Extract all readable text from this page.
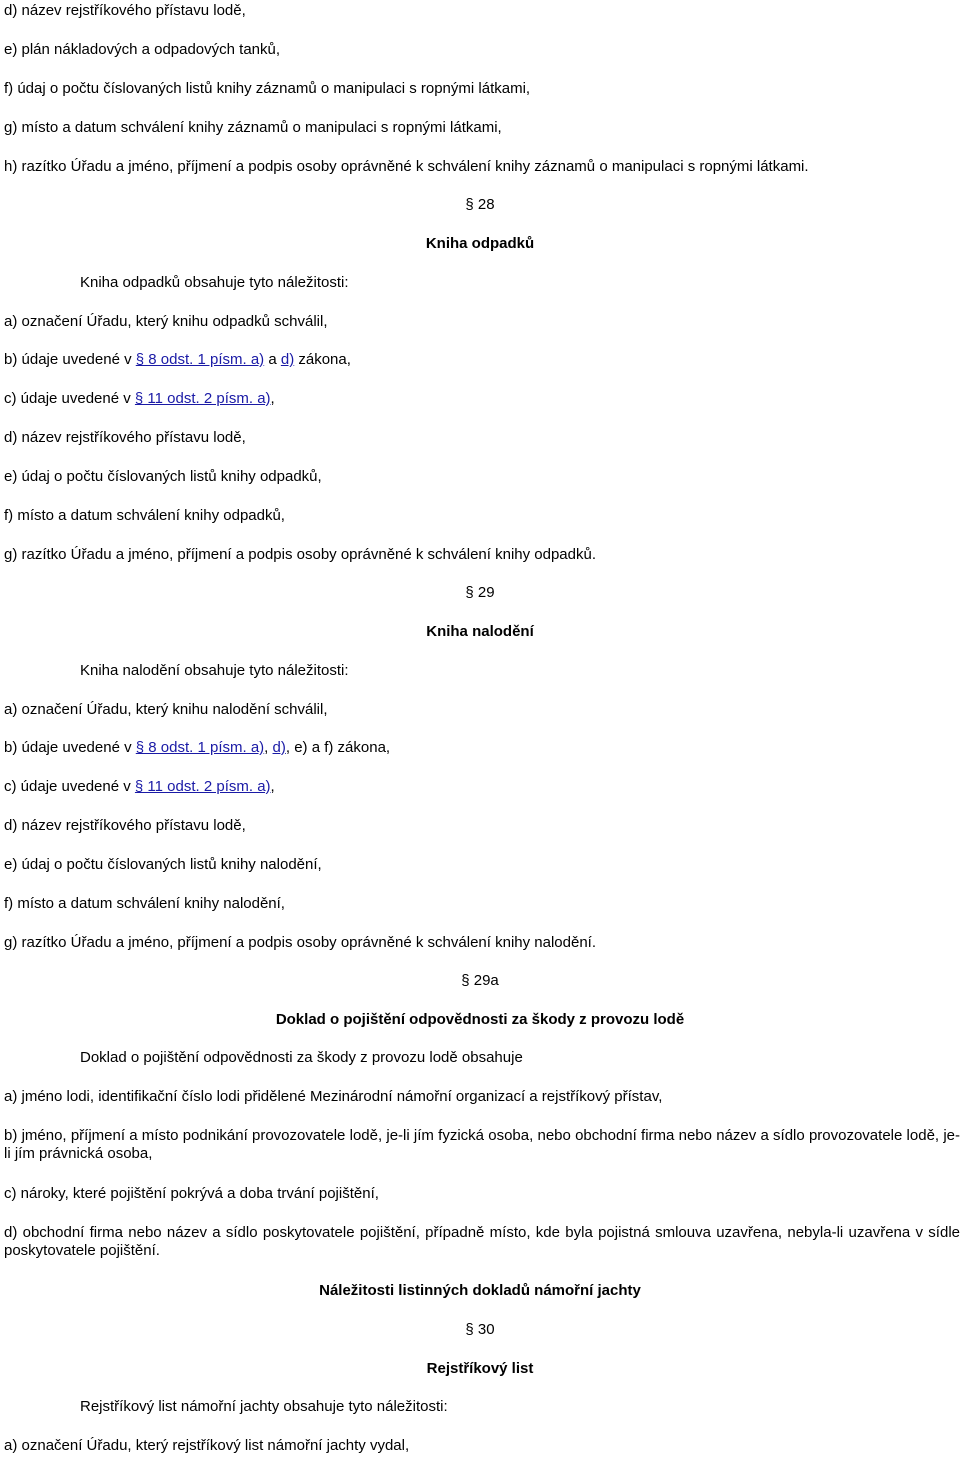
d) název rejstříkového přístavu lodě,
e) plán nákladových a odpadových tanků,
f) údaj o počtu číslovaných listů knihy záznamů o manipulaci s ropnými látkami,
g) místo a datum schválení knihy záznamů o manipulaci s ropnými látkami,
h) razítko Úřadu a jméno, příjmení a podpis osoby oprávněné k schválení knihy záznamů o manipulaci s ropnými látkami.
§ 28
Kniha odpadků
Kniha odpadků obsahuje tyto náležitosti:
a) označení Úřadu, který knihu odpadků schválil,
b) údaje uvedené v § 8 odst. 1 písm. a) a d) zákona,
c) údaje uvedené v § 11 odst. 2 písm. a),
d) název rejstříkového přístavu lodě,
e) údaj o počtu číslovaných listů knihy odpadků,
f) místo a datum schválení knihy odpadků,
g) razítko Úřadu a jméno, příjmení a podpis osoby oprávněné k schválení knihy odpadků.
§ 29
Kniha nalodění
Kniha nalodění obsahuje tyto náležitosti:
a) označení Úřadu, který knihu nalodění schválil,
b) údaje uvedené v § 8 odst. 1 písm. a), d), e) a f) zákona,
c) údaje uvedené v § 11 odst. 2 písm. a),
d) název rejstříkového přístavu lodě,
e) údaj o počtu číslovaných listů knihy nalodění,
f) místo a datum schválení knihy nalodění,
g) razítko Úřadu a jméno, příjmení a podpis osoby oprávněné k schválení knihy nalodění.
§ 29a
Doklad o pojištění odpovědnosti za škody z provozu lodě
Doklad o pojištění odpovědnosti za škody z provozu lodě obsahuje
a) jméno lodi, identifikační číslo lodi přidělené Mezinárodní námořní organizací a rejstříkový přístav,
b) jméno, příjmení a místo podnikání provozovatele lodě, je-li jím fyzická osoba, nebo obchodní firma nebo název a sídlo provozovatele lodě, je-li jím právnická osoba,
c) nároky, které pojištění pokrývá a doba trvání pojištění,
d) obchodní firma nebo název a sídlo poskytovatele pojištění, případně místo, kde byla pojistná smlouva uzavřena, nebyla-li uzavřena v sídle poskytovatele pojištění.
Náležitosti listinných dokladů námořní jachty
§ 30
Rejstříkový list
Rejstříkový list námořní jachty obsahuje tyto náležitosti:
a) označení Úřadu, který rejstříkový list námořní jachty vydal,
